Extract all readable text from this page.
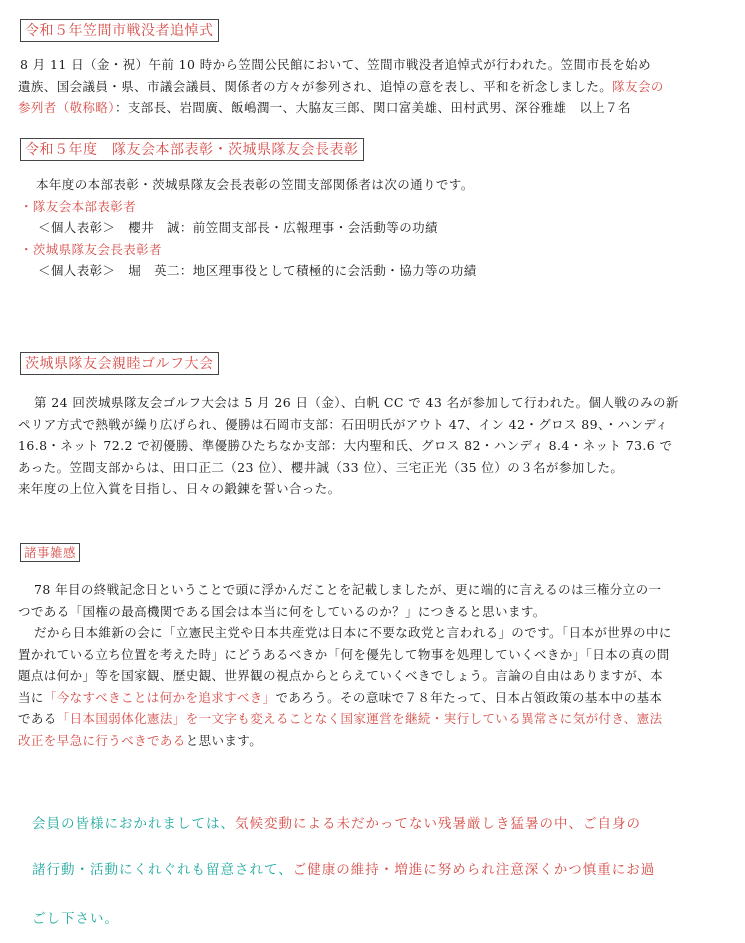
令和５年笠間市戦没者追悼式

8 月 11 日（金・祝）午前 10 時から笠間公民館において、笠間市戦没者追悼式が行われた。笠間市長を始め
遺族、国会議員・県、市議会議員、関係者の方々が参列され、追悼の意を表し、平和を祈念しました。隊友会の
参列者（敬称略）：支部長、岩間廣、飯嶋潤一、大脇友三郎、関口富美雄、田村武男、深谷雅雄　以上７名

令和５年度　隊友会本部表彰・茨城県隊友会長表彰

本年度の本部表彰・茨城県隊友会長表彰の笠間支部関係者は次の通りです。
・隊友会本部表彰者
＜個人表彰＞　櫻井　誠：前笠間支部長・広報理事・会活動等の功績
・茨城県隊友会長表彰者
＜個人表彰＞　堀　英二：地区理事役として積極的に会活動・協力等の功績

茨城県隊友会親睦ゴルフ大会

第 24 回茨城県隊友会ゴルフ大会は 5 月 26 日（金）、白帆 CC で 43 名が参加して行われた。個人戦のみの新
ペリア方式で熱戦が繰り広げられ、優勝は石岡市支部：石田明氏がアウト 47、イン 42・グロス 89、・ハンディ
16.8・ネット 72.2 で初優勝、準優勝ひたちなか支部：大内聖和氏、グロス 82・ハンディ 8.4・ネット 73.6 で
あった。笠間支部からは、田口正二（23 位）、櫻井誠（33 位）、三宅正光（35 位）の３名が参加した。
来年度の上位入賞を目指し、日々の鍛錬を誓い合った。

諸事雑感

78 年目の終戦記念日ということで頭に浮かんだことを記載しましたが、更に端的に言えるのは三権分立の一
つである「国権の最高機関である国会は本当に何をしているのか？」につきると思います。
だから日本維新の会に「立憲民主党や日本共産党は日本に不要な政党と言われる」のです。「日本が世界の中に
置かれている立ち位置を考えた時」にどうあるべきか「何を優先して物事を処理していくべきか」「日本の真の問
題点は何か」等を国家観、歴史観、世界観の視点からとらえていくべきでしょう。言論の自由はありますが、本
当に「今なすべきことは何かを追求すべき」であろう。その意味で７８年たって、日本占領政策の基本中の基本
である「日本国弱体化憲法」を一文字も変えることなく国家運営を継続・実行している異常さに気が付き、憲法
改正を早急に行うべきであると思います。

会員の皆様におかれましては、気候変動による未だかってない残暑厳しき猛暑の中、ご自身の
諸行動・活動にくれぐれも留意されて、ご健康の維持・増進に努められ注意深くかつ慎重にお過
ごし下さい。
